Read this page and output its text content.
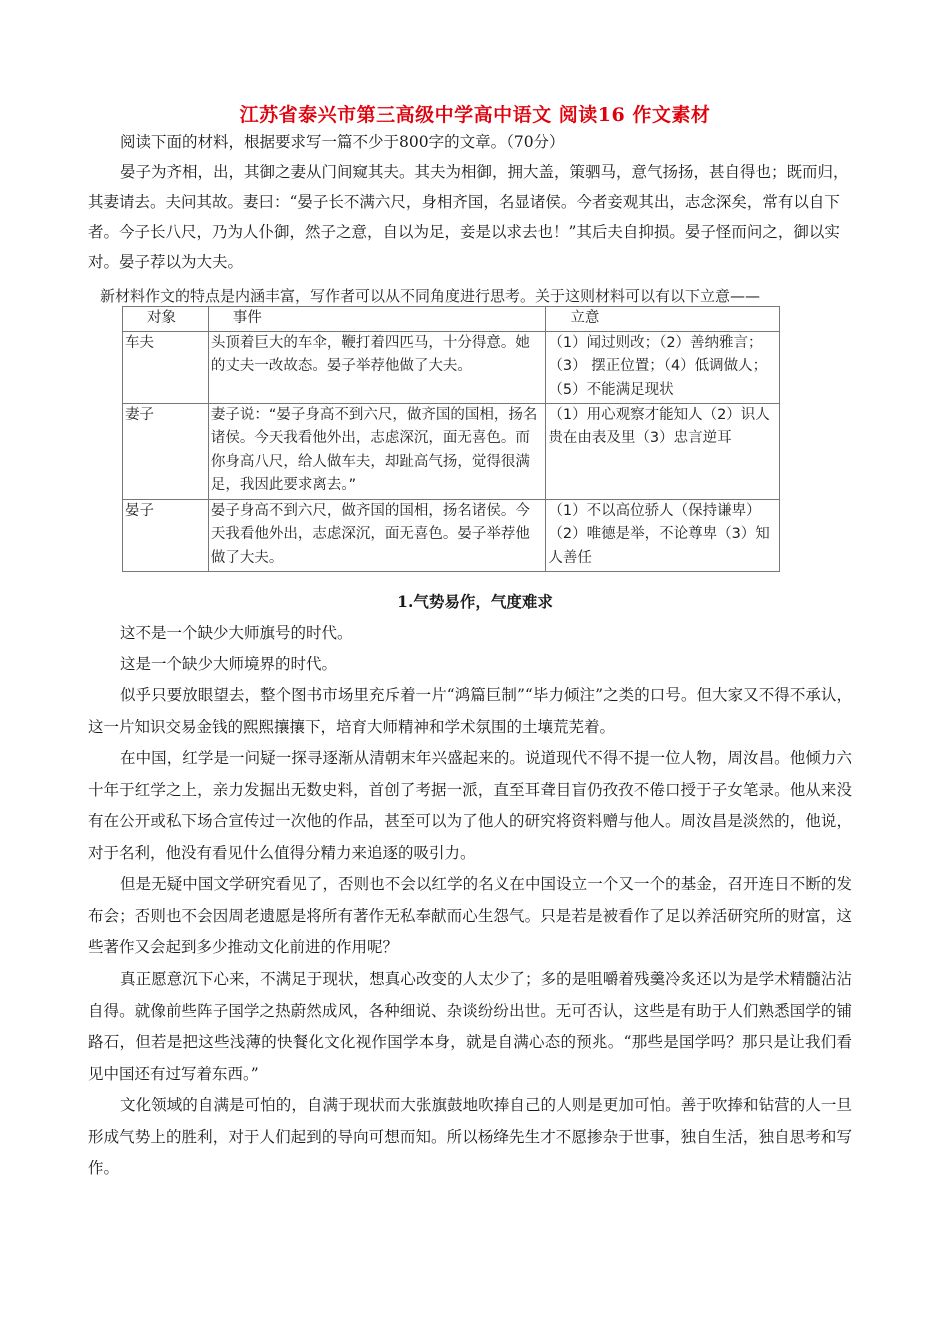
江苏省泰兴市第三高级中学高中语文 阅读16 作文素材
阅读下面的材料，根据要求写一篇不少于800字的文章。（70分）
晏子为齐相，出，其御之妻从门间窥其夫。其夫为相御，拥大盖，策驷马，意气扬扬，甚自得也；既而归，其妻请去。夫问其故。妻曰：“晏子长不满六尺，身相齐国，名显诸侯。今者妾观其出，志念深矣，常有以自下者。今子长八尺，乃为人仆御，然子之意，自以为足，妾是以求去也！”其后夫自抑损。晏子怪而问之，御以实对。晏子荐以为大夫。
新材料作文的特点是内涵丰富，写作者可以从不同角度进行思考。关于这则材料可以有以下立意——
对象	事件	立意
车夫	头顶着巨大的车伞，鞭打着四匹马，十分得意。她的丈夫一改故态。晏子举荐他做了大夫。	（1）闻过则改；（2）善纳雅言；（3） 摆正位置；（4）低调做人；（5）不能满足现状
妻子	妻子说：“晏子身高不到六尺，做齐国的国相，扬名诸侯。今天我看他外出，志虑深沉，面无喜色。而你身高八尺，给人做车夫，却趾高气扬，觉得很满足，我因此要求离去。”	（1）用心观察才能知人（2）识人贵在由表及里（3）忠言逆耳
晏子	晏子身高不到六尺，做齐国的国相，扬名诸侯。今天我看他外出，志虑深沉，面无喜色。晏子举荐他做了大夫。	（1）不以高位骄人（保持谦卑）（2）唯德是举，不论尊卑（3）知人善任
1.气势易作，气度难求

这不是一个缺少大师旗号的时代。

这是一个缺少大师境界的时代。

似乎只要放眼望去，整个图书市场里充斥着一片“鸿篇巨制”“毕力倾注”之类的口号。但大家又不得不承认，这一片知识交易金钱的熙熙攘攘下，培育大师精神和学术氛围的土壤荒芜着。

在中国，红学是一问疑一探寻逐渐从清朝末年兴盛起来的。说道现代不得不提一位人物，周汝昌。他倾力六十年于红学之上，亲力发掘出无数史料，首创了考据一派，直至耳聋目盲仍孜孜不倦口授于子女笔录。他从来没有在公开或私下场合宣传过一次他的作品，甚至可以为了他人的研究将资料赠与他人。周汝昌是淡然的，他说，对于名利，他没有看见什么值得分精力来追逐的吸引力。

但是无疑中国文学研究看见了，否则也不会以红学的名义在中国设立一个又一个的基金，召开连日不断的发布会；否则也不会因周老遗愿是将所有著作无私奉献而心生怨气。只是若是被看作了足以养活研究所的财富，这些著作又会起到多少推动文化前进的作用呢？

真正愿意沉下心来，不满足于现状，想真心改变的人太少了；多的是咀嚼着残羹冷炙还以为是学术精髓沾沾自得。就像前些阵子国学之热蔚然成风，各种细说、杂谈纷纷出世。无可否认，这些是有助于人们熟悉国学的铺路石，但若是把这些浅薄的快餐化文化视作国学本身，就是自满心态的预兆。“那些是国学吗？那只是让我们看见中国还有过写着东西。”

文化领域的自满是可怕的，自满于现状而大张旗鼓地吹捧自己的人则是更加可怕。善于吹捧和钻营的人一旦形成气势上的胜利，对于人们起到的导向可想而知。所以杨绛先生才不愿掺杂于世事，独自生活，独自思考和写作。
